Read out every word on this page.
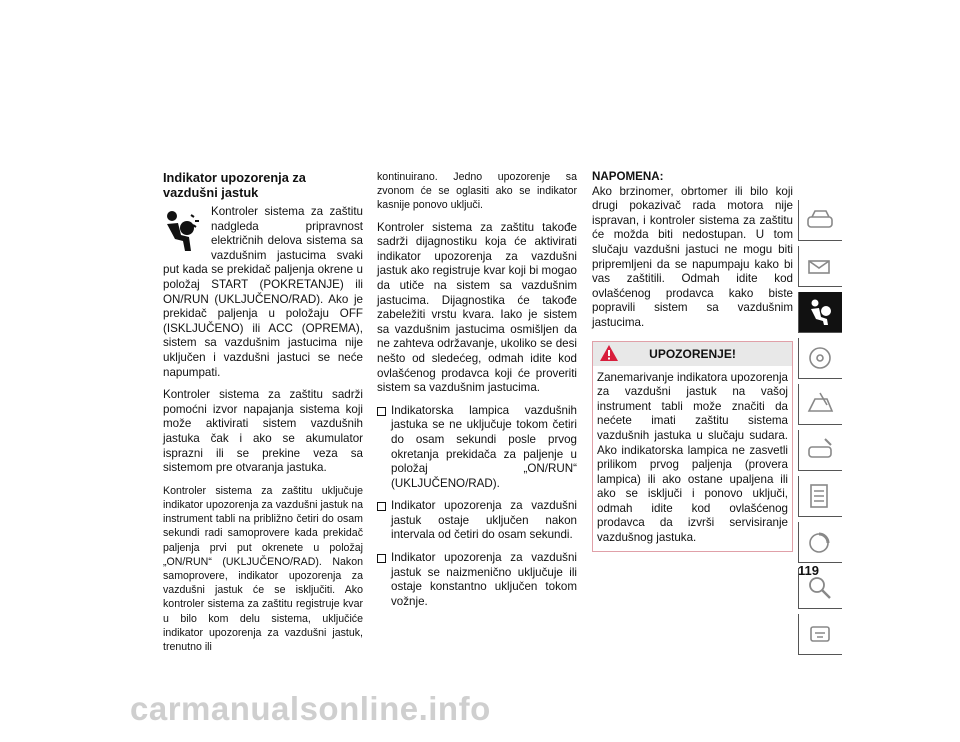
Indikator upozorenja za vazdušni jastuk

Kontroler sistema za zaštitu nadgleda pripravnost električnih delova sistema sa vazdušnim jastucima svaki put kada se prekidač paljenja okrene u položaj START (POKRETANJE) ili ON/RUN (UKLJUČENO/RAD). Ako je prekidač paljenja u položaju OFF (ISKLJUČENO) ili ACC (OPREMA), sistem sa vazdušnim jastucima nije uključen i vazdušni jastuci se neće napumpati.

Kontroler sistema za zaštitu sadrži pomoćni izvor napajanja sistema koji može aktivirati sistem vazdušnih jastuka čak i ako se akumulator isprazni ili se prekine veza sa sistemom pre otvaranja jastuka.

Kontroler sistema za zaštitu uključuje indikator upozorenja za vazdušni jastuk na instrument tabli na približno četiri do osam sekundi radi samoprovere kada prekidač paljenja prvi put okrenete u položaj „ON/RUN“ (UKLJUČENO/RAD). Nakon samoprovere, indikator upozorenja za vazdušni jastuk će se isključiti. Ako kontroler sistema za zaštitu registruje kvar u bilo kom delu sistema, uključiće indikator upozorenja za vazdušni jastuk, trenutno ili

kontinuirano. Jedno upozorenje sa zvonom će se oglasiti ako se indikator kasnije ponovo uključi.

Kontroler sistema za zaštitu takođe sadrži dijagnostiku koja će aktivirati indikator upozorenja za vazdušni jastuk ako registruje kvar koji bi mogao da utiče na sistem sa vazdušnim jastucima. Dijagnostika će takođe zabeležiti vrstu kvara. Iako je sistem sa vazdušnim jastucima osmišljen da ne zahteva održavanje, ukoliko se desi nešto od sledećeg, odmah idite kod ovlašćenog prodavca koji će proveriti sistem sa vazdušnim jastucima.

Indikatorska lampica vazdušnih jastuka se ne uključuje tokom četiri do osam sekundi posle prvog okretanja prekidača za paljenje u položaj „ON/RUN“ (UKLJUČENO/RAD).
Indikator upozorenja za vazdušni jastuk ostaje uključen nakon intervala od četiri do osam sekundi.
Indikator upozorenja za vazdušni jastuk se naizmenično uključuje ili ostaje konstantno uključen tokom vožnje.
NAPOMENA:

Ako brzinomer, obrtomer ili bilo koji drugi pokazivač rada motora nije ispravan, i kontroler sistema za zaštitu će možda biti nedostupan. U tom slučaju vazdušni jastuci ne mogu biti pripremljeni da se napumpaju kako bi vas zaštitili. Odmah idite kod ovlašćenog prodavca kako biste popravili sistem sa vazdušnim jastucima.

UPOZORENJE!
Zanemarivanje indikatora upozorenja za vazdušni jastuk na vašoj instrument tabli može značiti da nećete imati zaštitu sistema vazdušnih jastuka u slučaju sudara. Ako indikatorska lampica ne zasvetli prilikom prvog paljenja (provera lampica) ili ako ostane upaljena ili ako se isključi i ponovo uključi, odmah idite kod ovlašćenog prodavca da izvrši servisiranje vazdušnog jastuka.
119
carmanualsonline.info
